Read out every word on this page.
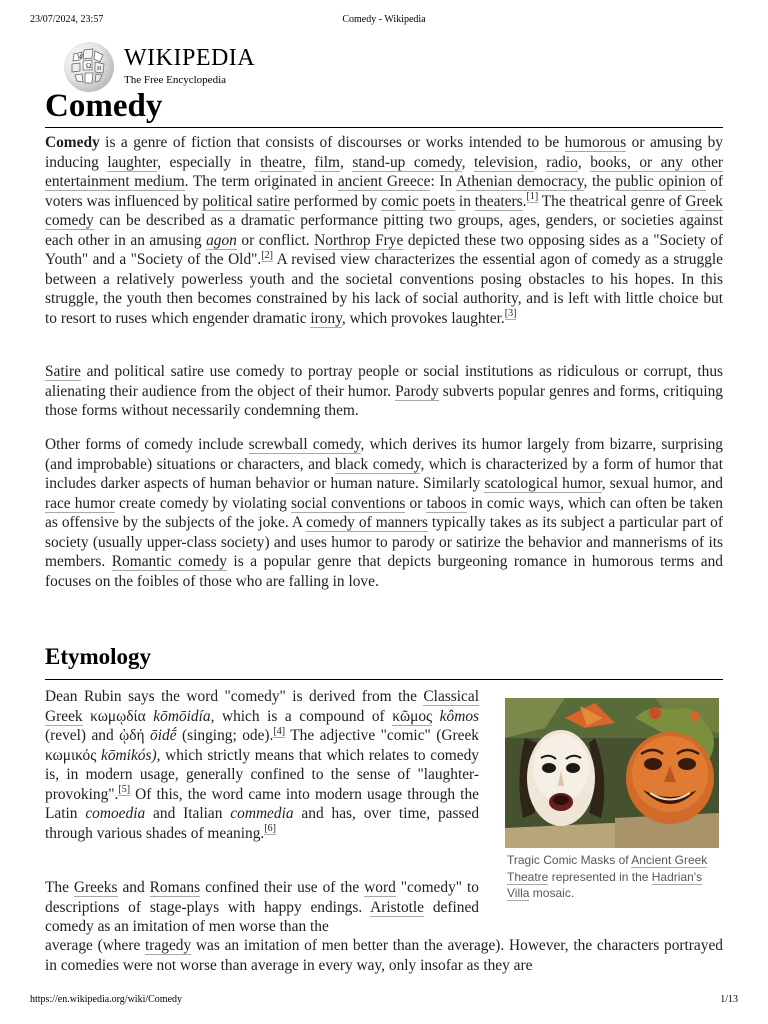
23/07/2024, 23:57	Comedy - Wikipedia
W
Ω И WIKIPEDIA
The Free Encyclopedia
Comedy

Comedy is a genre of fiction that consists of discourses or works intended to be humorous or amusing by inducing laughter, especially in theatre, film, stand-up comedy, television, radio, books, or any other entertainment medium. The term originated in ancient Greece: In Athenian democracy, the public opinion of voters was influenced by political satire performed by comic poets in theaters.[1] The theatrical genre of Greek comedy can be described as a dramatic performance pitting two groups, ages, genders, or societies against each other in an amusing agon or conflict. Northrop Frye depicted these two opposing sides as a "Society of Youth" and a "Society of the Old".[2] A revised view characterizes the essential agon of comedy as a struggle between a relatively powerless youth and the societal conventions posing obstacles to his hopes. In this struggle, the youth then becomes constrained by his lack of social authority, and is left with little choice but to resort to ruses which engender dramatic irony, which provokes laughter.[3]

Satire and political satire use comedy to portray people or social institutions as ridiculous or corrupt, thus alienating their audience from the object of their humor. Parody subverts popular genres and forms, critiquing those forms without necessarily condemning them.

Other forms of comedy include screwball comedy, which derives its humor largely from bizarre, surprising (and improbable) situations or characters, and black comedy, which is characterized by a form of humor that includes darker aspects of human behavior or human nature. Similarly scatological humor, sexual humor, and race humor create comedy by violating social conventions or taboos in comic ways, which can often be taken as offensive by the subjects of the joke. A comedy of manners typically takes as its subject a particular part of society (usually upper-class society) and uses humor to parody or satirize the behavior and mannerisms of its members. Romantic comedy is a popular genre that depicts burgeoning romance in humorous terms and focuses on the foibles of those who are falling in love.

Etymology

Dean Rubin says the word "comedy" is derived from the Classical Greek κωμῳδία kōmōidía, which is a compound of κῶμος kômos (revel) and ᾠδή ōidḗ (singing; ode).[4] The adjective "comic" (Greek κωμικός kōmikós), which strictly means that which relates to comedy is, in modern usage, generally confined to the sense of "laughter-provoking".[5] Of this, the word came into modern usage through the Latin comoedia and Italian commedia and has, over time, passed through various shades of meaning.[6]

The Greeks and Romans confined their use of the word "comedy" to descriptions of stage-plays with happy endings. Aristotle defined comedy as an imitation of men worse than the

average (where tragedy was an imitation of men better than the average). However, the characters portrayed in comedies were not worse than average in every way, only insofar as they are

Tragic Comic Masks of Ancient Greek Theatre represented in the Hadrian's Villa mosaic.
https://en.wikipedia.org/wiki/Comedy	1/13
